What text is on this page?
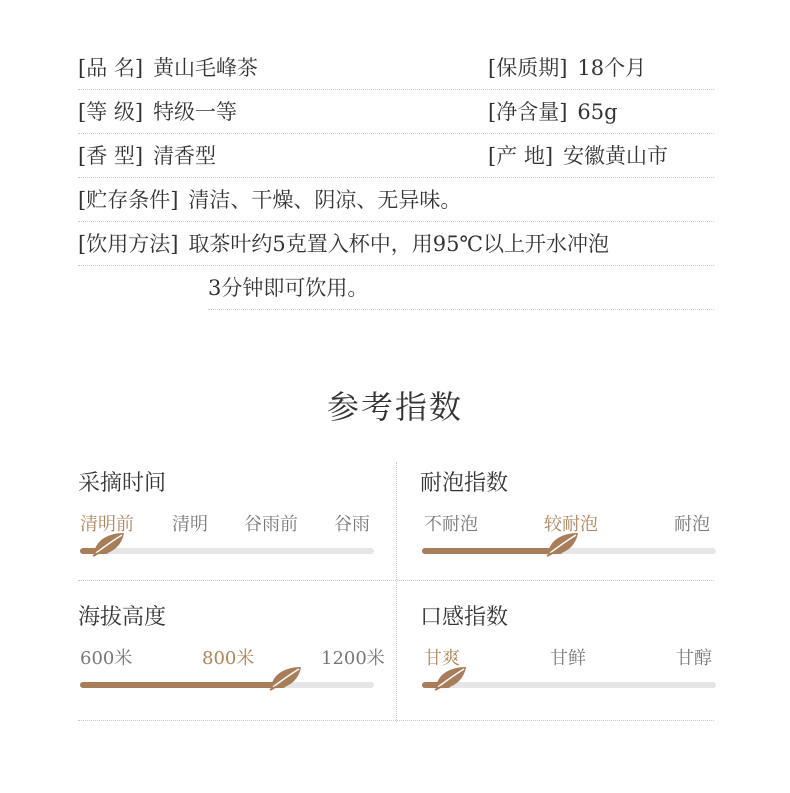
[品 名] 黄山毛峰茶	[保质期] 18个月
[等 级] 特级一等	[净含量] 65g
[香 型] 清香型	[产 地] 安徽黄山市
[贮存条件] 清洁、干燥、阴凉、无异味。
[饮用方法] 取茶叶约5克置入杯中，用95℃以上开水冲泡
3分钟即可饮用。
参考指数
采摘时间
清明前 清明 谷雨前 谷雨
耐泡指数
不耐泡	较耐泡	耐泡
海拔高度
600米	800米	1200米
口感指数
甘爽	甘鲜	甘醇
